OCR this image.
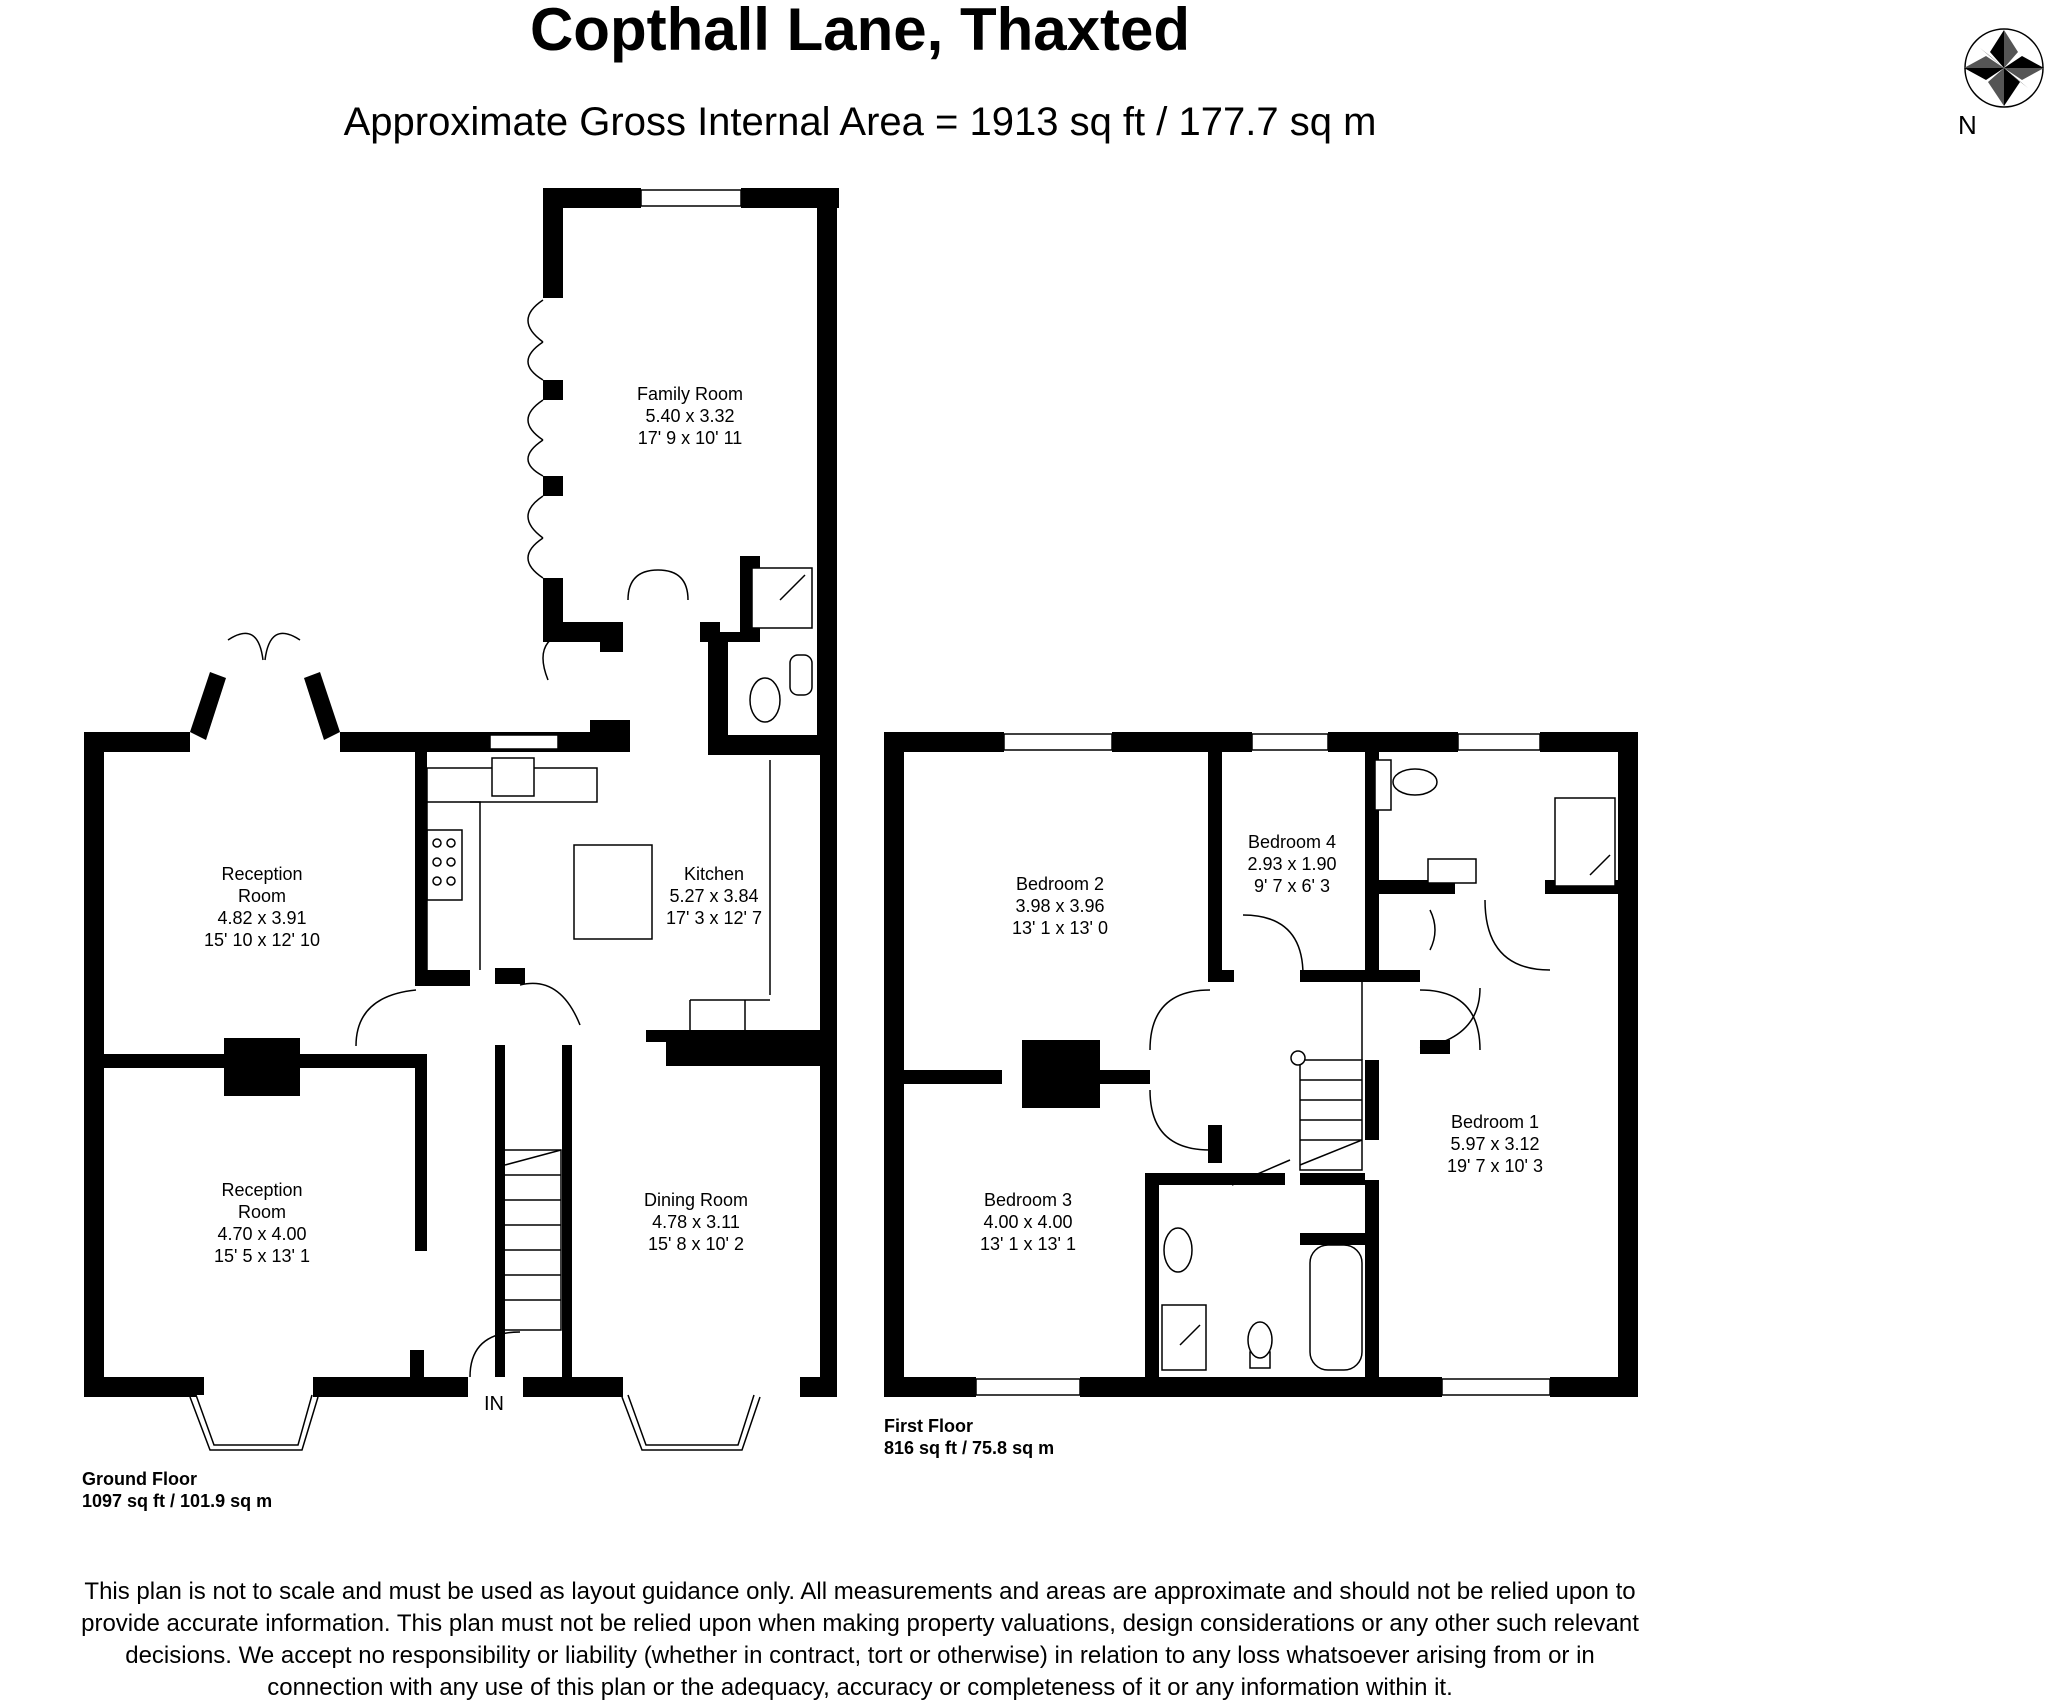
Copthall Lane, Thaxted
Approximate Gross Internal Area = 1913 sq ft / 177.7 sq m
Family Room
5.40 x 3.32
17' 9 x 10' 11
Reception
Room
4.82 x 3.91
15' 10 x 12' 10
Kitchen
5.27 x 3.84
17' 3 x 12' 7
Reception
Room
4.70 x 4.00
15' 5 x 13' 1
Dining Room
4.78 x 3.11
15' 8 x 10' 2
Bedroom 2
3.98 x 3.96
13' 1 x 13' 0
Bedroom 4
2.93 x 1.90
9' 7 x 6' 3
Bedroom 1
5.97 x 3.12
19' 7 x 10' 3
Bedroom 3
4.00 x 4.00
13' 1 x 13' 1
IN
N
Ground Floor
1097 sq ft / 101.9 sq m
First Floor
816 sq ft / 75.8 sq m
This plan is not to scale and must be used as layout guidance only. All measurements and areas are approximate and should not be relied upon to
provide accurate information. This plan must not be relied upon when making property valuations, design considerations or any other such relevant
decisions. We accept no responsibility or liability (whether in contract, tort or otherwise) in relation to any loss whatsoever arising from or in
connection with any use of this plan or the adequacy, accuracy or completeness of it or any information within it.
